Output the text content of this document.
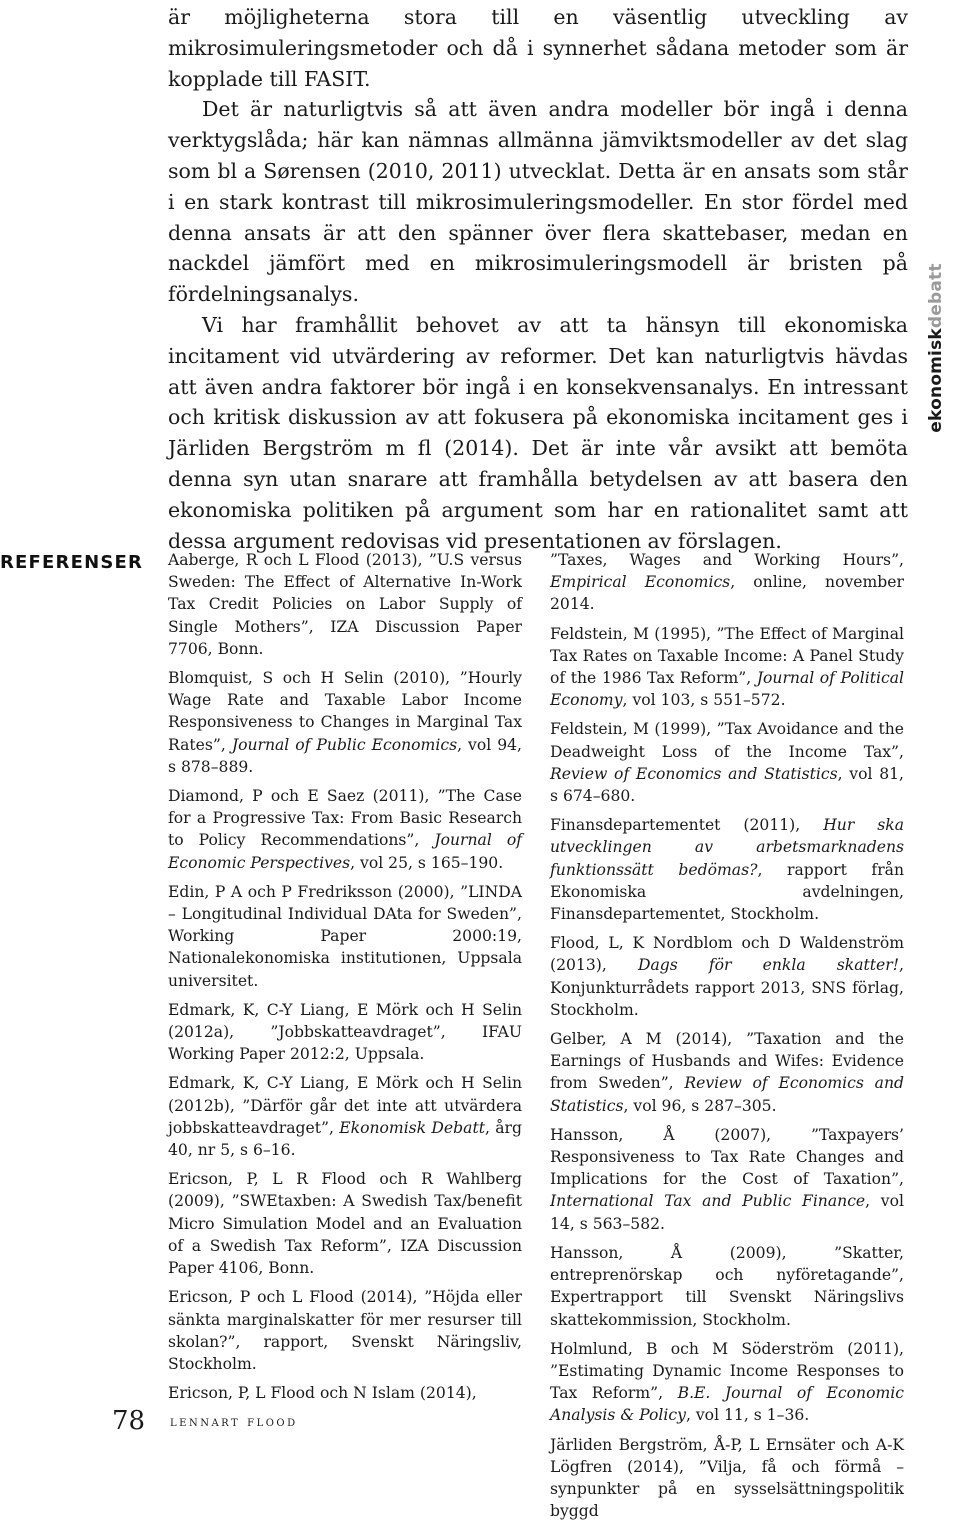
är möjligheterna stora till en väsentlig utveckling av mikrosimuleringsmetoder och då i synnerhet sådana metoder som är kopplade till FASIT.

Det är naturligtvis så att även andra modeller bör ingå i denna verktygslåda; här kan nämnas allmänna jämviktsmodeller av det slag som bl a Sørensen (2010, 2011) utvecklat. Detta är en ansats som står i en stark kontrast till mikrosimuleringsmodeller. En stor fördel med denna ansats är att den spänner över flera skattebaser, medan en nackdel jämfört med en mikrosimuleringsmodell är bristen på fördelningsanalys.

Vi har framhållit behovet av att ta hänsyn till ekonomiska incitament vid utvärdering av reformer. Det kan naturligtvis hävdas att även andra faktorer bör ingå i en konsekvensanalys. En intressant och kritisk diskussion av att fokusera på ekonomiska incitament ges i Järliden Bergström m fl (2014). Det är inte vår avsikt att bemöta denna syn utan snarare att framhålla betydelsen av att basera den ekonomiska politiken på argument som har en rationalitet samt att dessa argument redovisas vid presentationen av förslagen.

ekonomiskdebatt
REFERENSER Aaberge, R och L Flood (2013), ”U.S versus Sweden: The Effect of Alternative In-Work Tax Credit Policies on Labor Supply of Single Mothers”, IZA Discussion Paper 7706, Bonn.

Blomquist, S och H Selin (2010), ”Hourly Wage Rate and Taxable Labor Income Responsiveness to Changes in Marginal Tax Rates”, Journal of Public Economics, vol 94, s 878–889.

Diamond, P och E Saez (2011), ”The Case for a Progressive Tax: From Basic Research to Policy Recommendations”, Journal of Economic Perspectives, vol 25, s 165–190.

Edin, P A och P Fredriksson (2000), ”LINDA – Longitudinal Individual DAta for Sweden”, Working Paper 2000:19, Nationalekonomiska institutionen, Uppsala universitet.

Edmark, K, C-Y Liang, E Mörk och H Selin (2012a), ”Jobbskatteavdraget”, IFAU Working Paper 2012:2, Uppsala.

Edmark, K, C-Y Liang, E Mörk och H Selin (2012b), ”Därför går det inte att utvärdera jobbskatteavdraget”, Ekonomisk Debatt, årg 40, nr 5, s 6–16.

Ericson, P, L R Flood och R Wahlberg (2009), ”SWEtaxben: A Swedish Tax/benefit Micro Simulation Model and an Evaluation of a Swedish Tax Reform”, IZA Discussion Paper 4106, Bonn.

Ericson, P och L Flood (2014), ”Höjda eller sänkta marginalskatter för mer resurser till skolan?”, rapport, Svenskt Näringsliv, Stockholm.

Ericson, P, L Flood och N Islam (2014),

”Taxes, Wages and Working Hours”, Empirical Economics, online, november 2014.

Feldstein, M (1995), ”The Effect of Marginal Tax Rates on Taxable Income: A Panel Study of the 1986 Tax Reform”, Journal of Political Economy, vol 103, s 551–572.

Feldstein, M (1999), ”Tax Avoidance and the Deadweight Loss of the Income Tax”, Review of Economics and Statistics, vol 81, s 674–680.

Finansdepartementet (2011), Hur ska utvecklingen av arbetsmarknadens funktionssätt bedömas?, rapport från Ekonomiska avdelningen, Finansdepartementet, Stockholm.

Flood, L, K Nordblom och D Waldenström (2013), Dags för enkla skatter!, Konjunkturrådets rapport 2013, SNS förlag, Stockholm.

Gelber, A M (2014), ”Taxation and the Earnings of Husbands and Wifes: Evidence from Sweden”, Review of Economics and Statistics, vol 96, s 287–305.

Hansson, Å (2007), ”Taxpayers’ Responsiveness to Tax Rate Changes and Implications for the Cost of Taxation”, International Tax and Public Finance, vol 14, s 563–582.

Hansson, Å (2009), ”Skatter, entreprenörskap och nyföretagande”, Expertrapport till Svenskt Näringslivs skattekommission, Stockholm.

Holmlund, B och M Söderström (2011), ”Estimating Dynamic Income Responses to Tax Reform”, B.E. Journal of Economic Analysis & Policy, vol 11, s 1–36.

Järliden Bergström, Å-P, L Ernsäter och A-K Lögfren (2014), ”Vilja, få och förmå –synpunkter på en sysselsättningspolitik byggd

78 lennart flood
